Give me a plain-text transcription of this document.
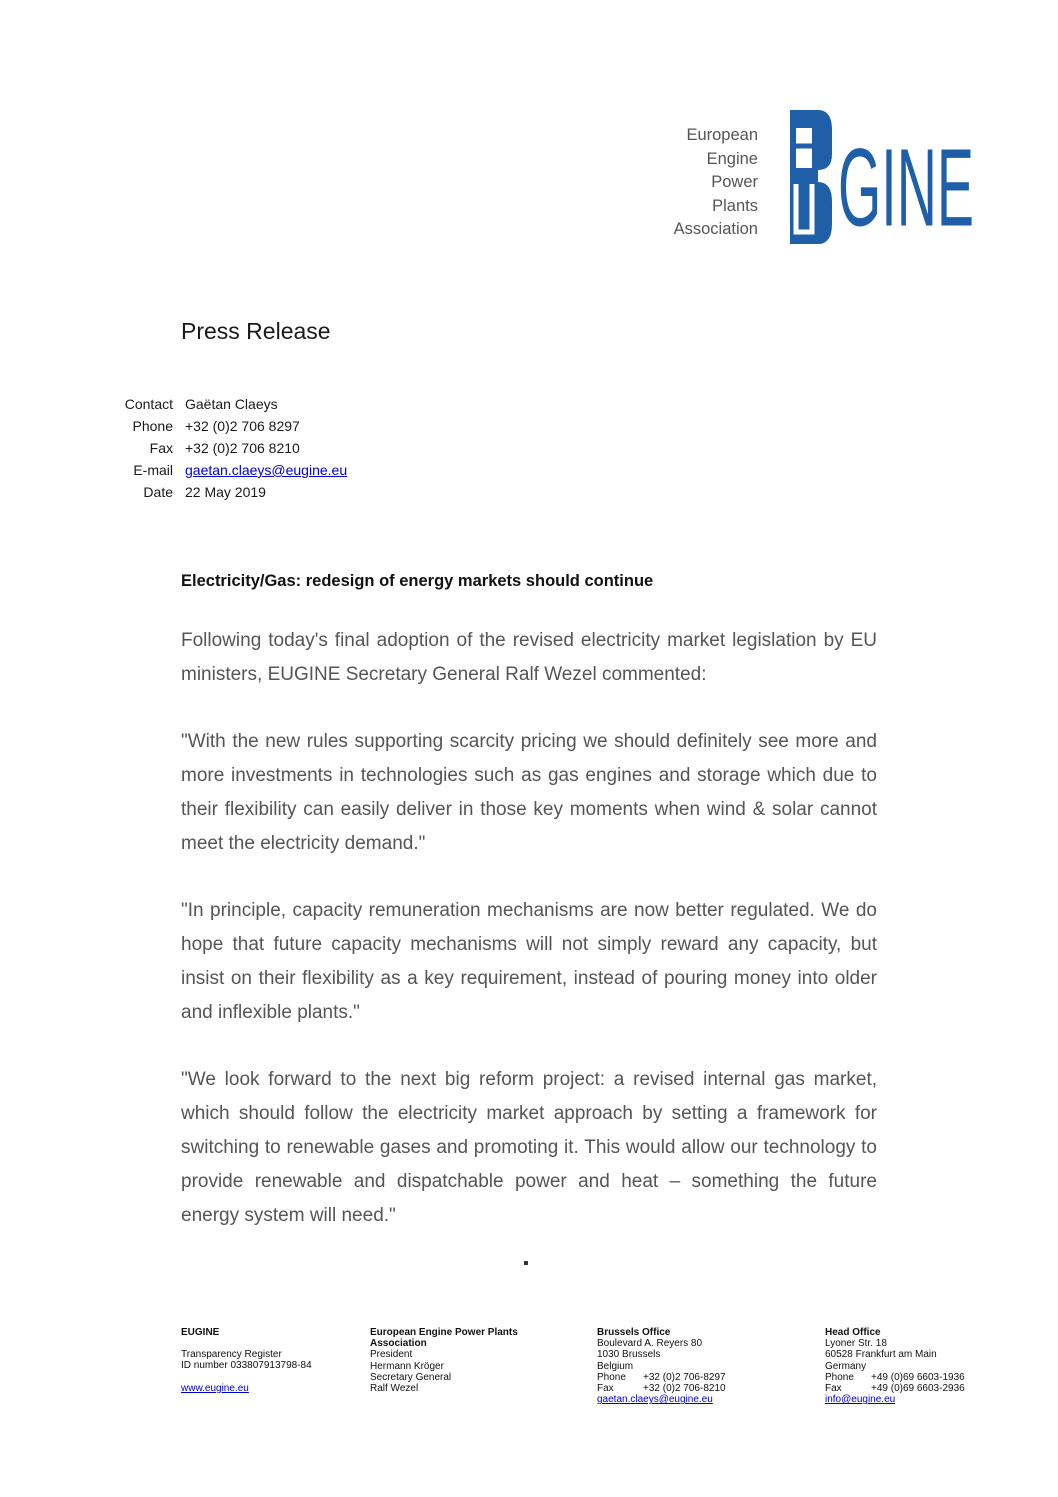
European
Engine
Power
Plants
Association GINE
Press Release
Contact Gaëtan Claeys
Phone +32 (0)2 706 8297
Fax +32 (0)2 706 8210
E-mail gaetan.claeys@eugine.eu
Date 22 May 2019
Electricity/Gas: redesign of energy markets should continue

Following today's final adoption of the revised electricity market legislation by EU ministers, EUGINE Secretary General Ralf Wezel commented:

"With the new rules supporting scarcity pricing we should definitely see more and more investments in technologies such as gas engines and storage which due to their flexibility can easily deliver in those key moments when wind & solar cannot meet the electricity demand."

"In principle, capacity remuneration mechanisms are now better regulated. We do hope that future capacity mechanisms will not simply reward any capacity, but insist on their flexibility as a key requirement, instead of pouring money into older and inflexible plants."

"We look forward to the next big reform project: a revised internal gas market, which should follow the electricity market approach by setting a framework for switching to renewable gases and promoting it. This would allow our technology to provide renewable and dispatchable power and heat – something the future energy system will need."

EUGINE
Transparency Register
ID number 033807913798-84
www.eugine.eu
European Engine Power Plants
Association
President
Hermann Kröger
Secretary General
Ralf Wezel
Brussels Office
Boulevard A. Reyers 80
1030 Brussels
Belgium
Phone +32 (0)2 706-8297
Fax	+32 (0)2 706-8210
gaetan.claeys@eugine.eu
Head Office
Lyoner Str. 18
60528 Frankfurt am Main
Germany
Phone +49 (0)69 6603-1936
Fax	+49 (0)69 6603-2936
info@eugine.eu
